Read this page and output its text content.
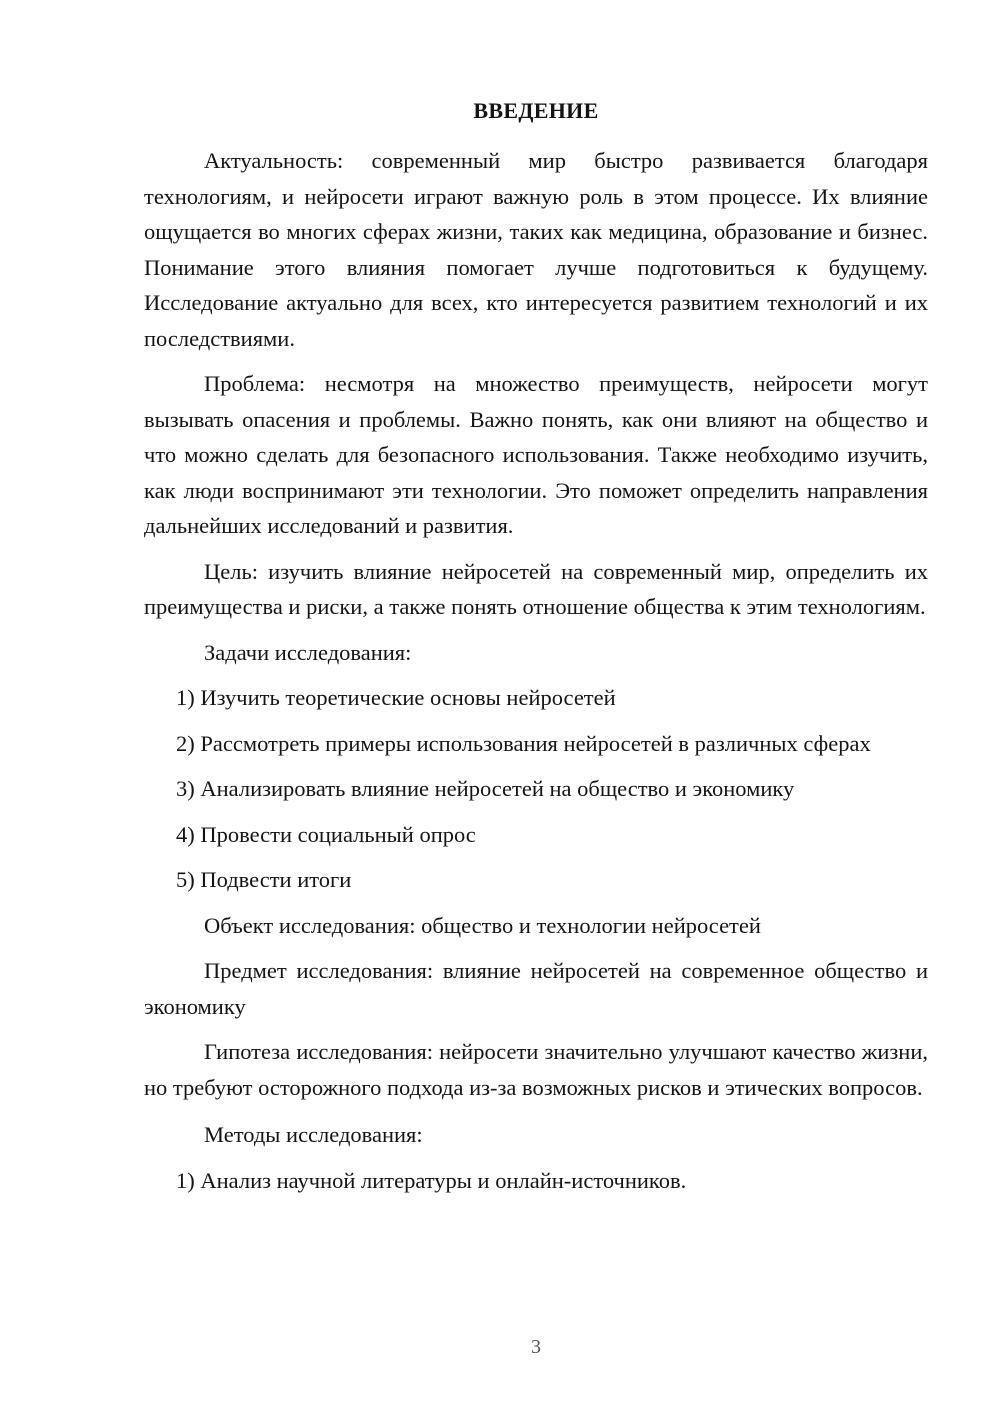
ВВЕДЕНИЕ

Актуальность: современный мир быстро развивается благодаря технологиям, и нейросети играют важную роль в этом процессе. Их влияние ощущается во многих сферах жизни, таких как медицина, образование и бизнес. Понимание этого влияния помогает лучше подготовиться к будущему. Исследование актуально для всех, кто интересуется развитием технологий и их последствиями.

Проблема: несмотря на множество преимуществ, нейросети могут вызывать опасения и проблемы. Важно понять, как они влияют на общество и что можно сделать для безопасного использования. Также необходимо изучить, как люди воспринимают эти технологии. Это поможет определить направления дальнейших исследований и развития.

Цель: изучить влияние нейросетей на современный мир, определить их преимущества и риски, а также понять отношение общества к этим технологиям.

Задачи исследования:

1) Изучить теоретические основы нейросетей

2) Рассмотреть примеры использования нейросетей в различных сферах

3) Анализировать влияние нейросетей на общество и экономику

4) Провести социальный опрос

5) Подвести итоги

Объект исследования: общество и технологии нейросетей

Предмет исследования: влияние нейросетей на современное общество и экономику

Гипотеза исследования: нейросети значительно улучшают качество жизни, но требуют осторожного подхода из-за возможных рисков и этических вопросов.

Методы исследования:

1) Анализ научной литературы и онлайн-источников.

3
